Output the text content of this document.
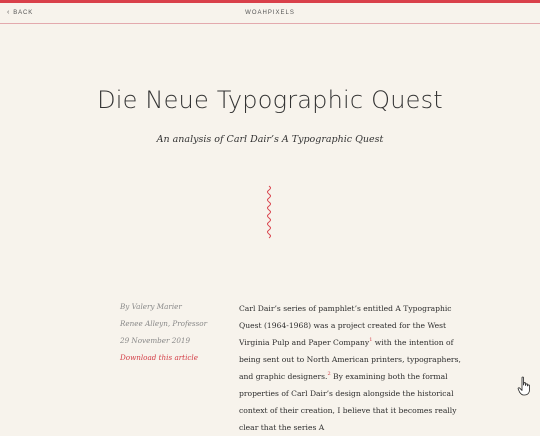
‹ BACK	WOAHPIXELS
Die Neue Typographic Quest
An analysis of Carl Dair’s A Typographic Quest
By Valery Marier
Renee Alleyn, Professor
29 November 2019
Download this article
Carl Dair’s series of pamphlet’s entitled A Typographic Quest (1964-1968) was a project created for the West Virginia Pulp and Paper Company$^1$ with the intention of being sent out to North American printers, typographers, and graphic designers.$^2$ By examining both the formal properties of Carl Dair’s design alongside the historical context of their creation, I believe that it becomes really clear that the series A
